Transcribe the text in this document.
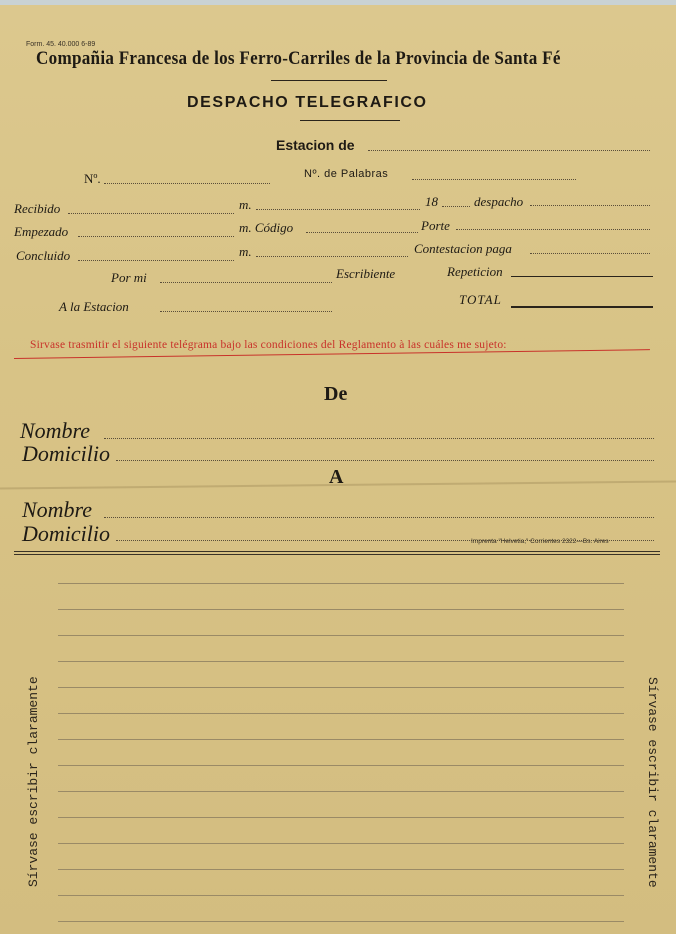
Form. 45. 40.000 6-89
Compañia Francesa de los Ferro-Carriles de la Provincia de Santa Fé
DESPACHO TELEGRAFICO
Estacion de
Nº.	Nº. de Palabras
Recibido	m.	18	despacho
Empezado	m. Código	Porte
Concluido	m.	Contestacion paga
Por mi	Escribiente	Repeticion
A la Estacion	TOTAL
Sirvase trasmitir el siguiente telégrama bajo las condiciones del Reglamento à las cuáles me sujeto:
De
Nombre
Domicilio
A
Nombre
Domicilio	Imprenta "Helvetia," Corrientes 2322—Bs. Aires
Sírvase escribir claramente	Sírvase escribir claramente
